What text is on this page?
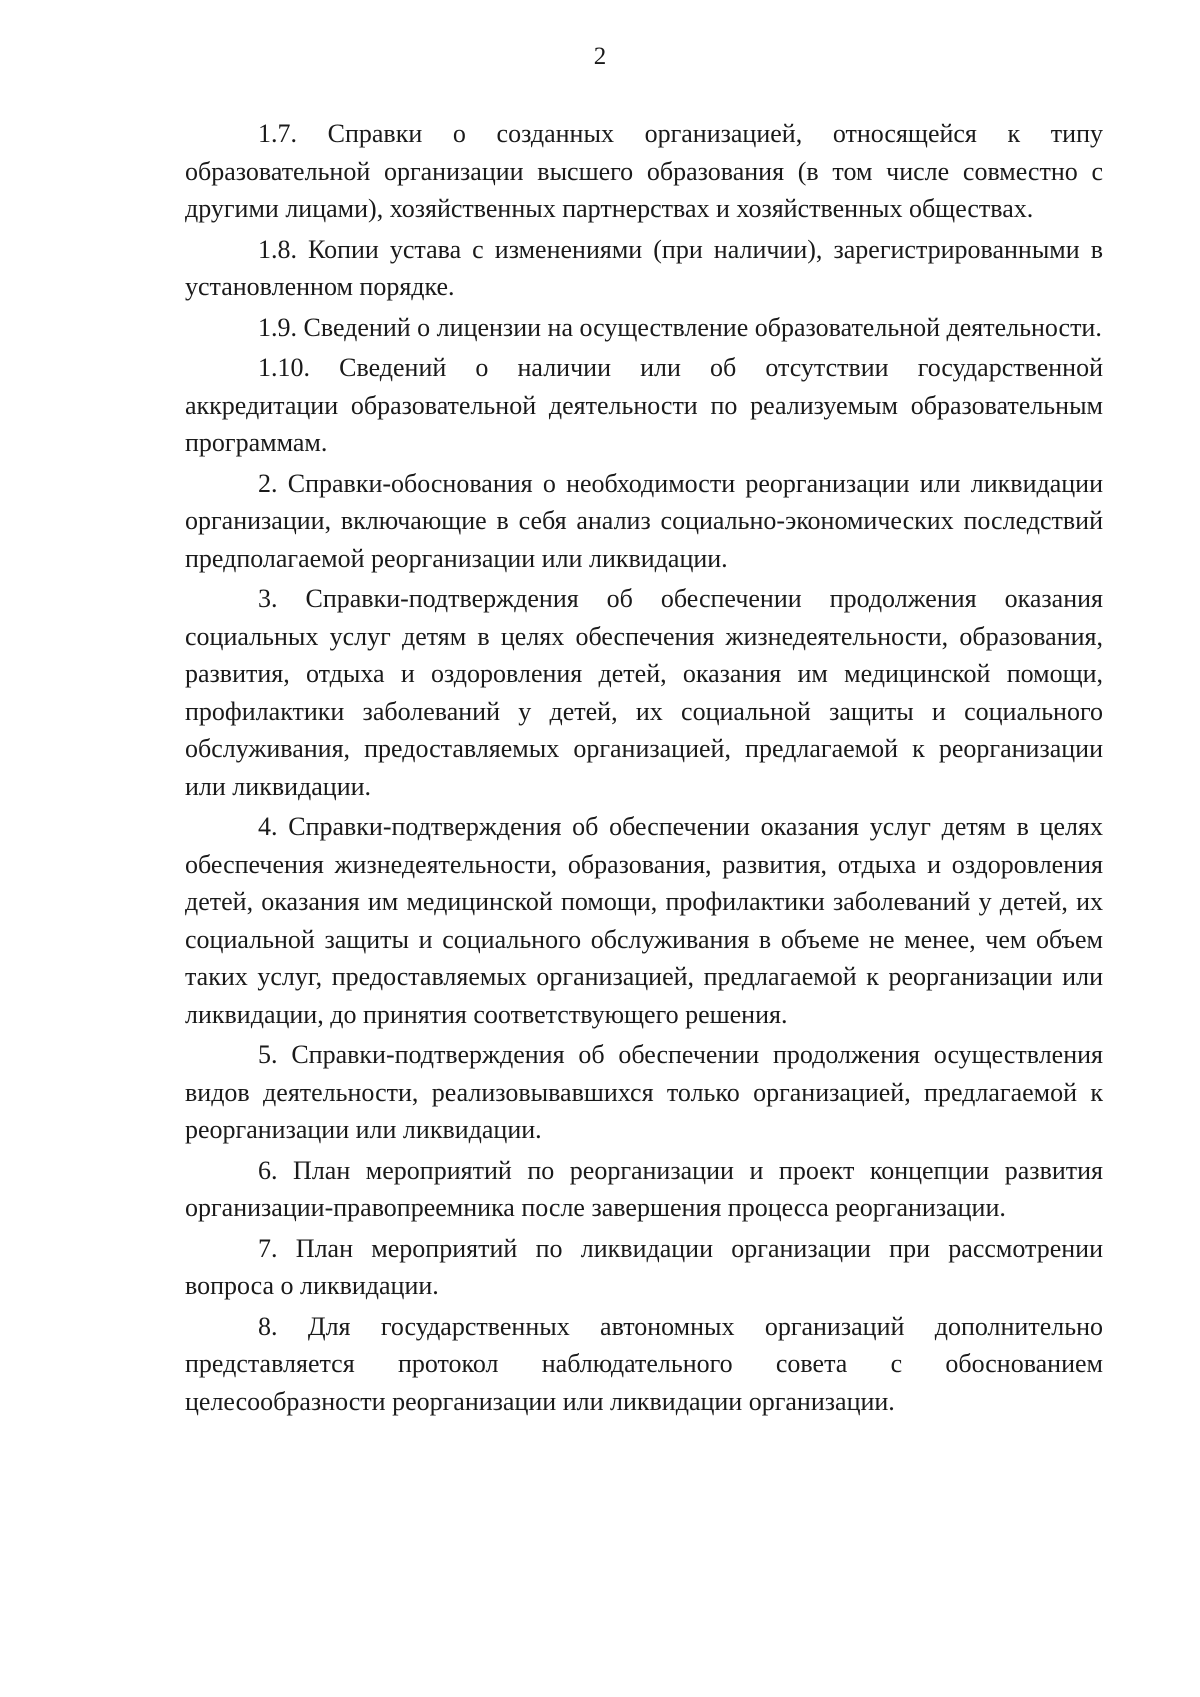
2

1.7. Справки о созданных организацией, относящейся к типу образовательной организации высшего образования (в том числе совместно с другими лицами), хозяйственных партнерствах и хозяйственных обществах.

1.8. Копии устава с изменениями (при наличии), зарегистрированными в установленном порядке.

1.9. Сведений о лицензии на осуществление образовательной деятельности.

1.10. Сведений о наличии или об отсутствии государственной аккредитации образовательной деятельности по реализуемым образовательным программам.

2. Справки-обоснования о необходимости реорганизации или ликвидации организации, включающие в себя анализ социально-экономических последствий предполагаемой реорганизации или ликвидации.

3. Справки-подтверждения об обеспечении продолжения оказания социальных услуг детям в целях обеспечения жизнедеятельности, образования, развития, отдыха и оздоровления детей, оказания им медицинской помощи, профилактики заболеваний у детей, их социальной защиты и социального обслуживания, предоставляемых организацией, предлагаемой к реорганизации или ликвидации.

4. Справки-подтверждения об обеспечении оказания услуг детям в целях обеспечения жизнедеятельности, образования, развития, отдыха и оздоровления детей, оказания им медицинской помощи, профилактики заболеваний у детей, их социальной защиты и социального обслуживания в объеме не менее, чем объем таких услуг, предоставляемых организацией, предлагаемой к реорганизации или ликвидации, до принятия соответствующего решения.

5. Справки-подтверждения об обеспечении продолжения осуществления видов деятельности, реализовывавшихся только организацией, предлагаемой к реорганизации или ликвидации.

6. План мероприятий по реорганизации и проект концепции развития организации-правопреемника после завершения процесса реорганизации.

7. План мероприятий по ликвидации организации при рассмотрении вопроса о ликвидации.

8. Для государственных автономных организаций дополнительно представляется протокол наблюдательного совета с обоснованием целесообразности реорганизации или ликвидации организации.
